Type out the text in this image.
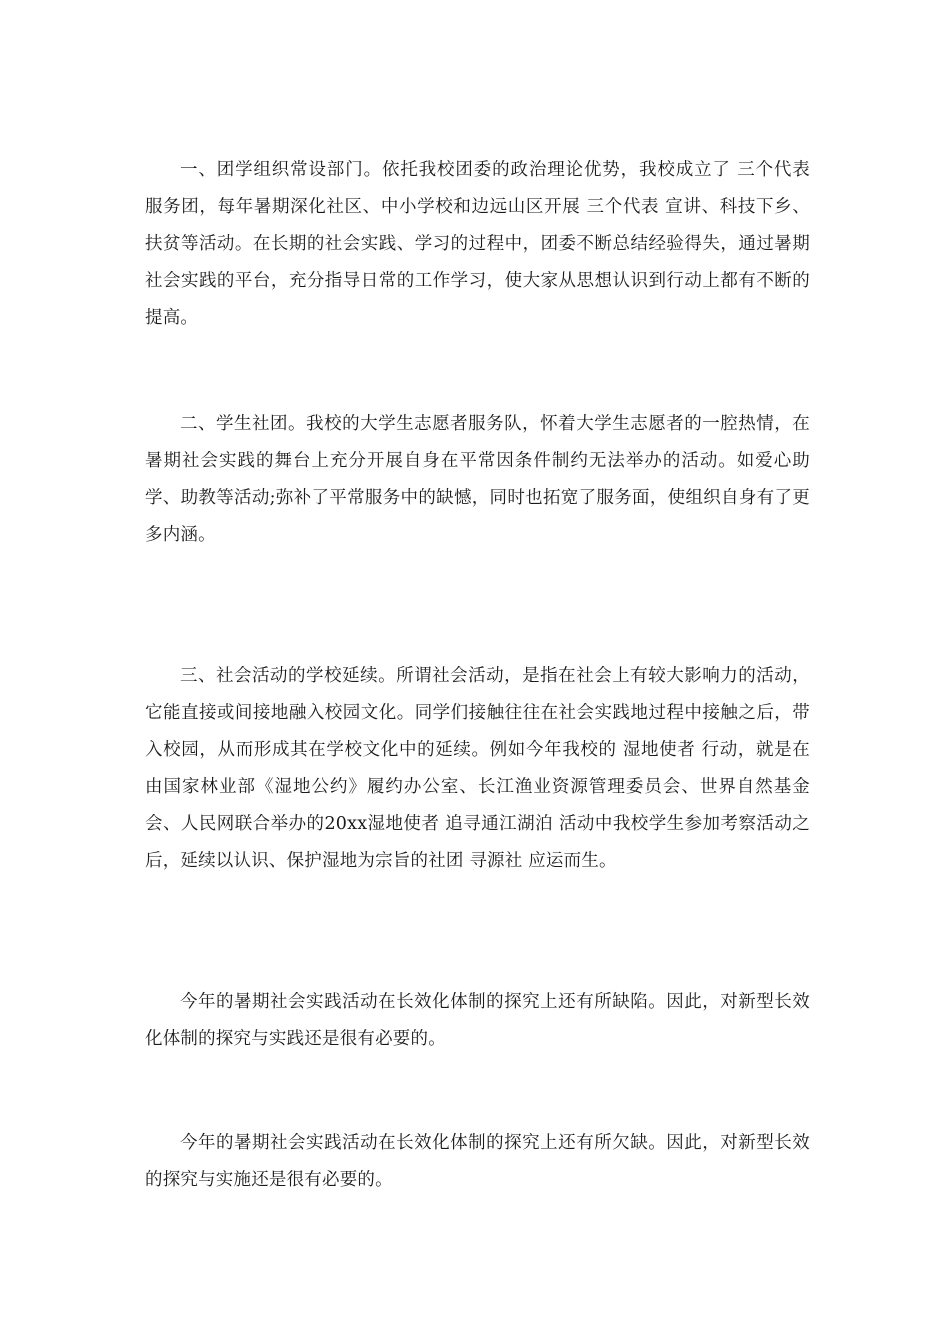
一、团学组织常设部门。依托我校团委的政治理论优势，我校成立了 三个代表 服务团，每年暑期深化社区、中小学校和边远山区开展 三个代表 宣讲、科技下乡、扶贫等活动。在长期的社会实践、学习的过程中，团委不断总结经验得失，通过暑期社会实践的平台，充分指导日常的工作学习，使大家从思想认识到行动上都有不断的提高。

二、学生社团。我校的大学生志愿者服务队，怀着大学生志愿者的一腔热情，在暑期社会实践的舞台上充分开展自身在平常因条件制约无法举办的活动。如爱心助学、助教等活动;弥补了平常服务中的缺憾，同时也拓宽了服务面，使组织自身有了更多内涵。

三、社会活动的学校延续。所谓社会活动，是指在社会上有较大影响力的活动，它能直接或间接地融入校园文化。同学们接触往往在社会实践地过程中接触之后，带入校园，从而形成其在学校文化中的延续。例如今年我校的 湿地使者 行动，就是在由国家林业部《湿地公约》履约办公室、长江渔业资源管理委员会、世界自然基金会、人民网联合举办的20xx湿地使者 追寻通江湖泊 活动中我校学生参加考察活动之后，延续以认识、保护湿地为宗旨的社团 寻源社 应运而生。

今年的暑期社会实践活动在长效化体制的探究上还有所缺陷。因此，对新型长效化体制的探究与实践还是很有必要的。

今年的暑期社会实践活动在长效化体制的探究上还有所欠缺。因此，对新型长效的探究与实施还是很有必要的。
